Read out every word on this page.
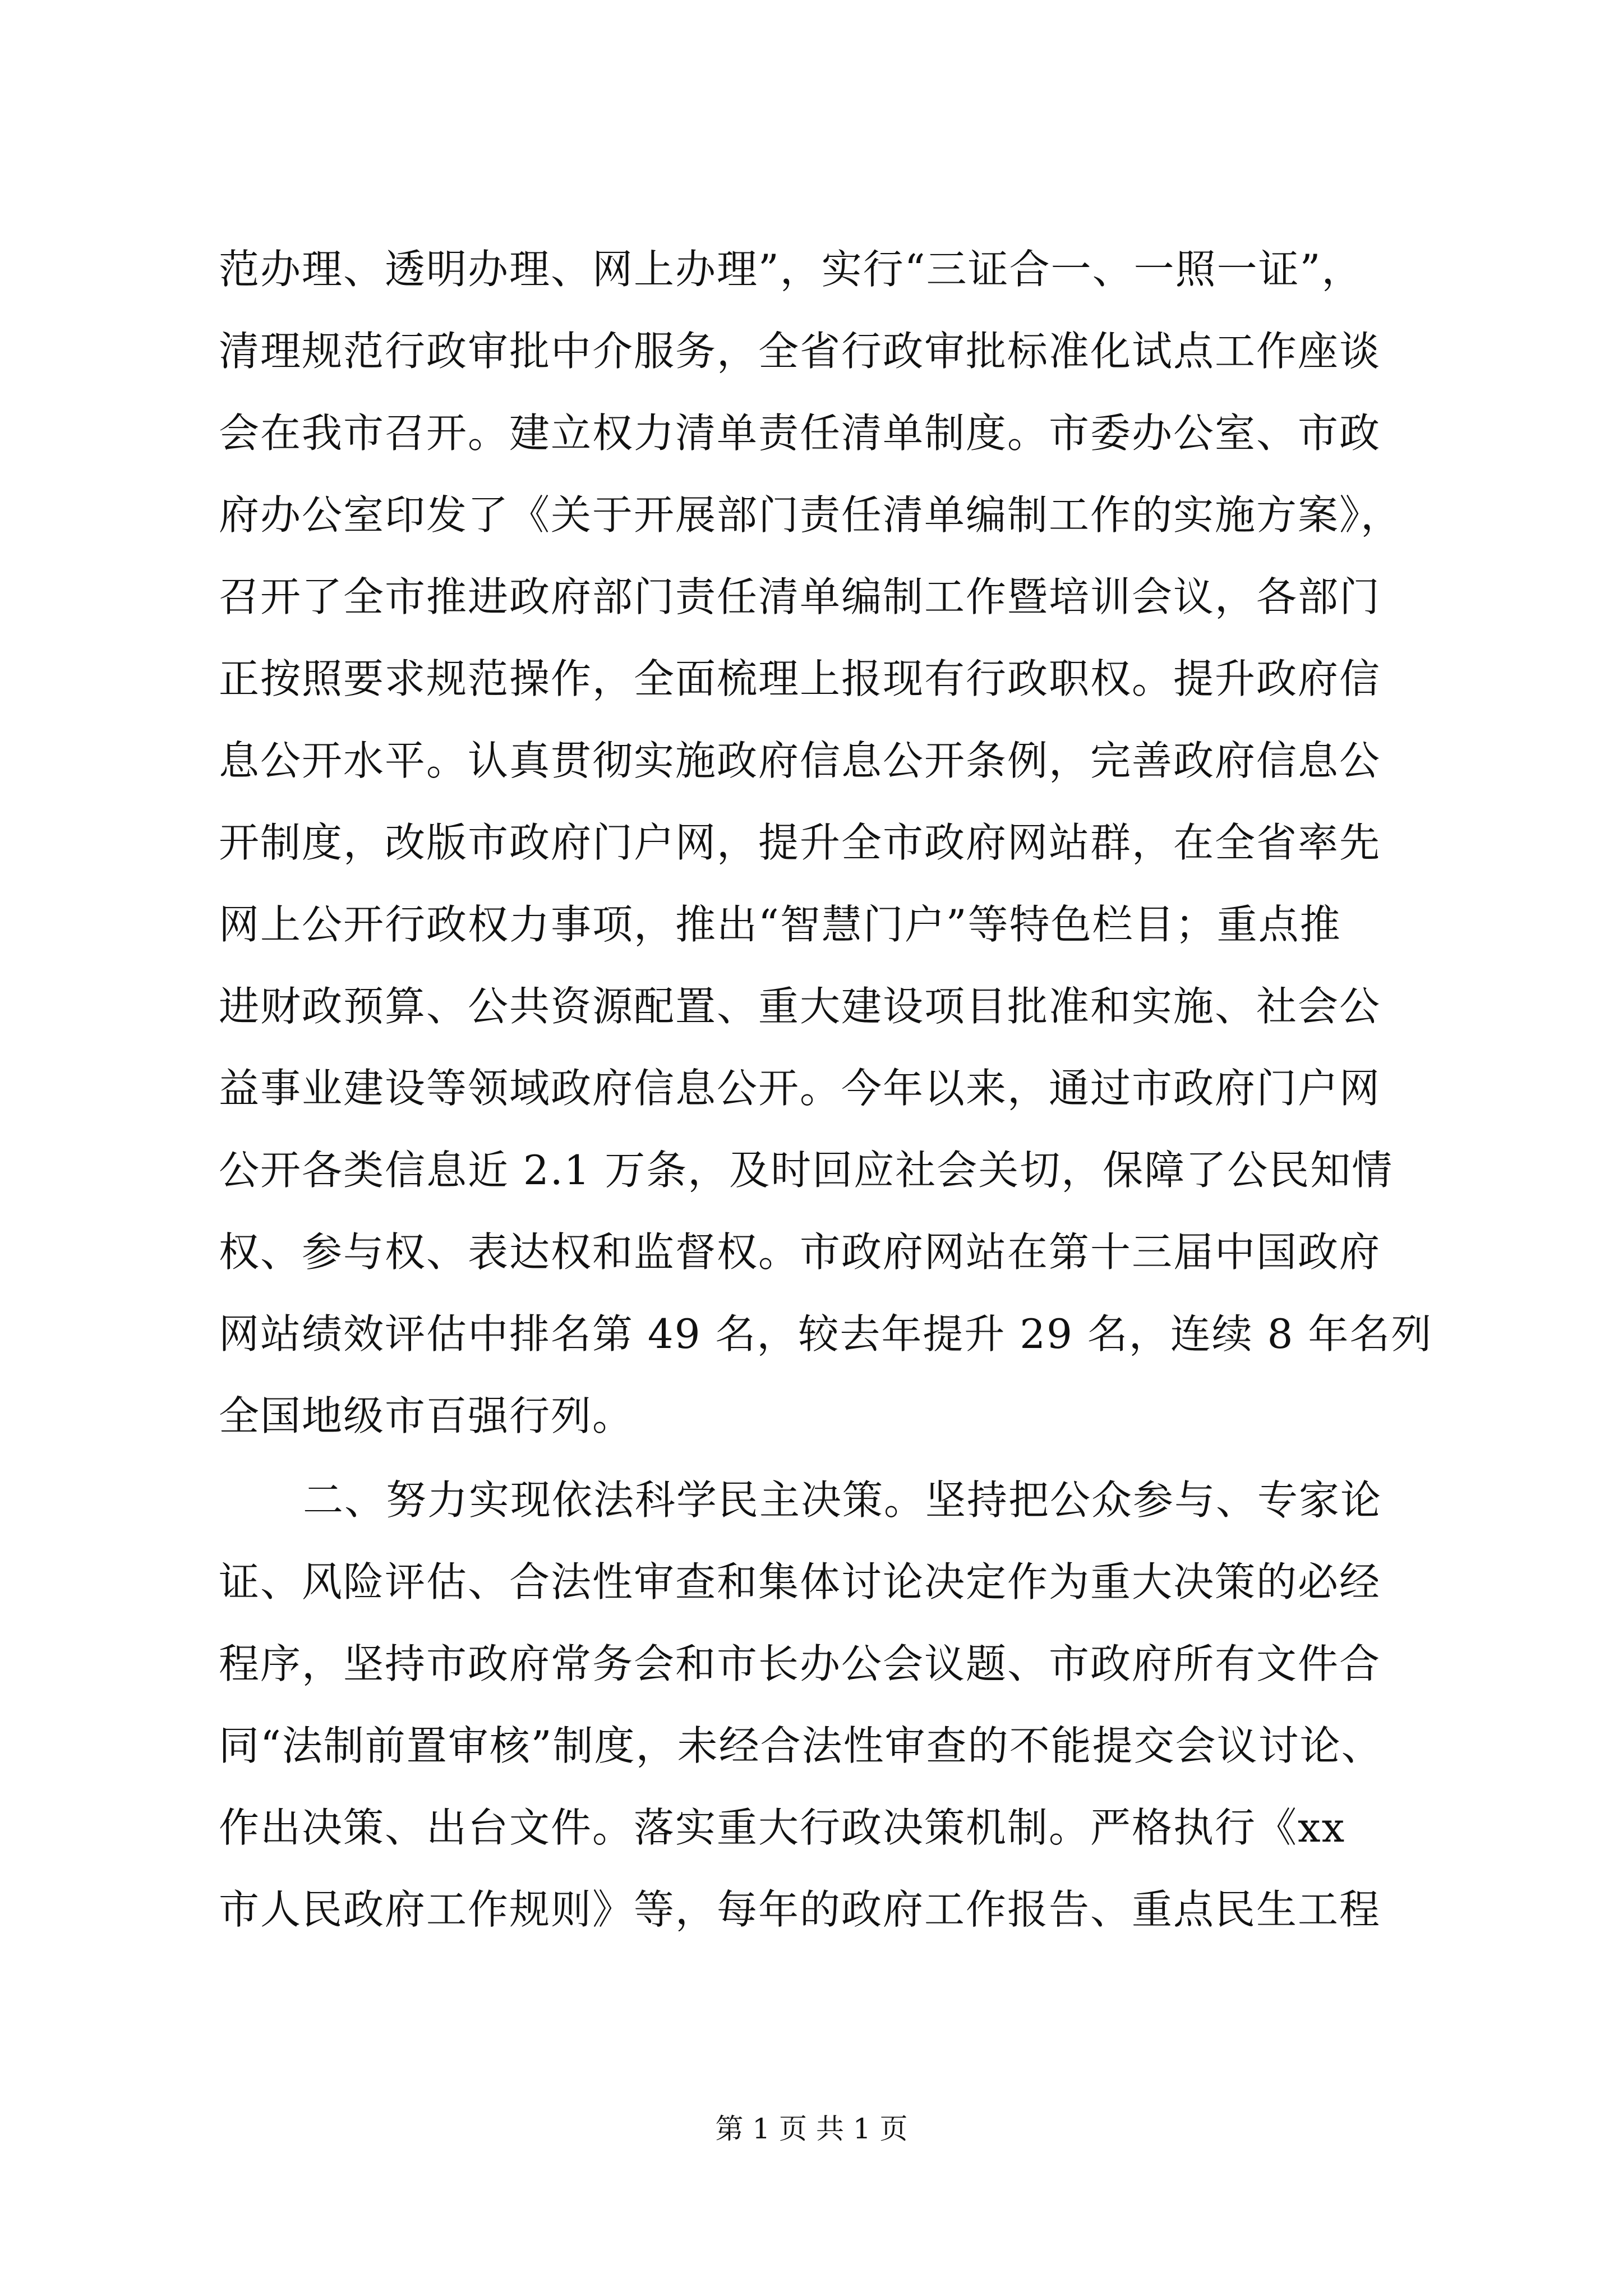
范办理、透明办理、网上办理”，实行“三证合一、一照一证”，
清理规范行政审批中介服务，全省行政审批标准化试点工作座谈
会在我市召开。建立权力清单责任清单制度。市委办公室、市政
府办公室印发了《关于开展部门责任清单编制工作的实施方案》，
召开了全市推进政府部门责任清单编制工作暨培训会议，各部门
正按照要求规范操作，全面梳理上报现有行政职权。提升政府信
息公开水平。认真贯彻实施政府信息公开条例，完善政府信息公
开制度，改版市政府门户网，提升全市政府网站群，在全省率先
网上公开行政权力事项，推出“智慧门户”等特色栏目；重点推
进财政预算、公共资源配置、重大建设项目批准和实施、社会公
益事业建设等领域政府信息公开。今年以来，通过市政府门户网
公开各类信息近 2.1 万条，及时回应社会关切，保障了公民知情
权、参与权、表达权和监督权。市政府网站在第十三届中国政府
网站绩效评估中排名第 49 名，较去年提升 29 名，连续 8 年名列
全国地级市百强行列。
二、努力实现依法科学民主决策。坚持把公众参与、专家论
证、风险评估、合法性审查和集体讨论决定作为重大决策的必经
程序，坚持市政府常务会和市长办公会议题、市政府所有文件合
同“法制前置审核”制度，未经合法性审查的不能提交会议讨论、
作出决策、出台文件。落实重大行政决策机制。严格执行《xx
市人民政府工作规则》等，每年的政府工作报告、重点民生工程
第 1 页 共 1 页
